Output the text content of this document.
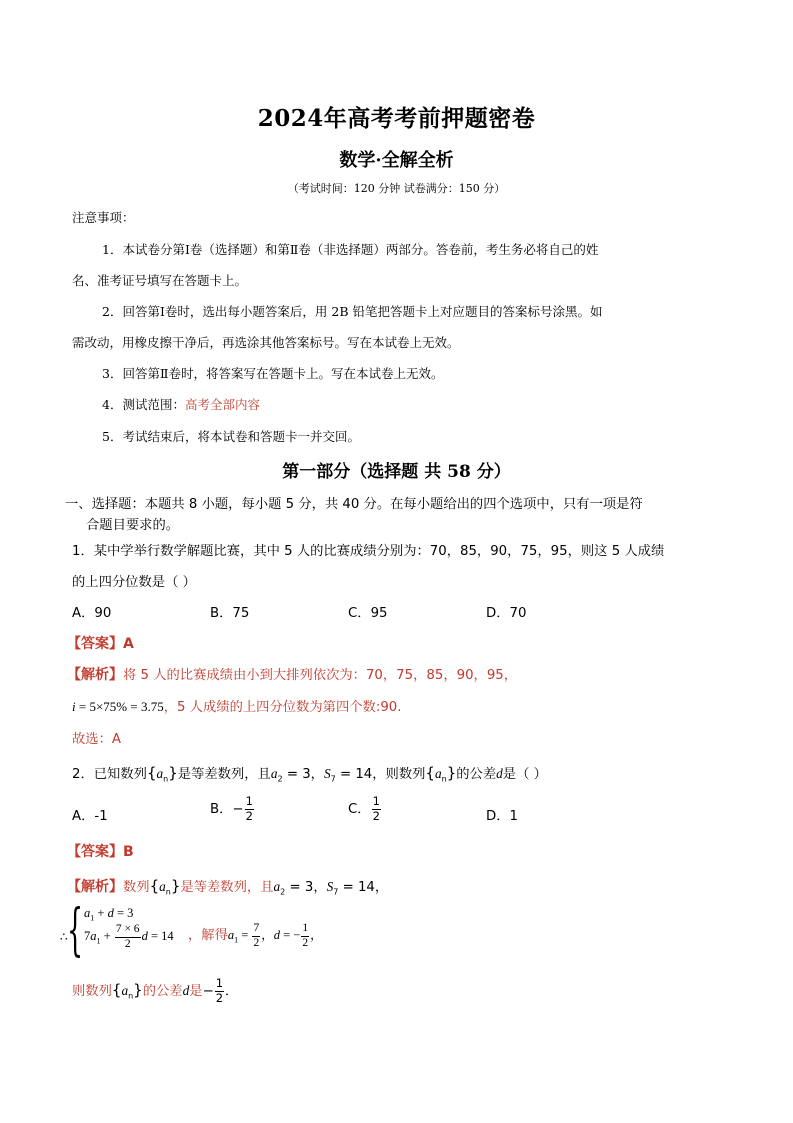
2024年高考考前押题密卷
数学·全解全析
（考试时间：120 分钟 试卷满分：150 分）
注意事项：
1．本试卷分第Ⅰ卷（选择题）和第Ⅱ卷（非选择题）两部分。答卷前，考生务必将自己的姓
名、准考证号填写在答题卡上。
2．回答第Ⅰ卷时，选出每小题答案后，用 2B 铅笔把答题卡上对应题目的答案标号涂黑。如
需改动，用橡皮擦干净后，再选涂其他答案标号。写在本试卷上无效。
3．回答第Ⅱ卷时，将答案写在答题卡上。写在本试卷上无效。
4．测试范围：高考全部内容
5．考试结束后，将本试卷和答题卡一并交回。
第一部分（选择题 共 58 分）
一、选择题：本题共 8 小题，每小题 5 分，共 40 分。在每小题给出的四个选项中，只有一项是符
合题目要求的。
1．某中学举行数学解题比赛，其中 5 人的比赛成绩分别为：70，85，90，75，95，则这 5 人成绩
的上四分位数是（ ）
A．90	B．75	C．95	D．70
【答案】A
【解析】将 5 人的比赛成绩由小到大排列依次为：70，75，85，90，95，
i = 5×75% = 3.75，5 人成绩的上四分位数为第四个数:90.
故选：A
2．已知数列$\{a_n\}$是等差数列，且$a_2 = 3$，$S_7 = 14$，则数列$\{a_n\}$的公差d是（ ）
A．-1	B．− $\frac{1}{2}$	C． $\frac{1}{2}$	D．1
【答案】B
【解析】数列$\{a_n\}$是等差数列，且$a_2 = 3$，$S_7 = 14$，
∴ { $a_1 + d = 3$
$7a_1 + \frac{7 \times 6}{2}$ d = 14 ，解得$a_1 = \frac{7}{2}$ ，d = − $\frac{1}{2}$ ，
则数列$\{a_n\}$的公差d是− $\frac{1}{2}$ ．
